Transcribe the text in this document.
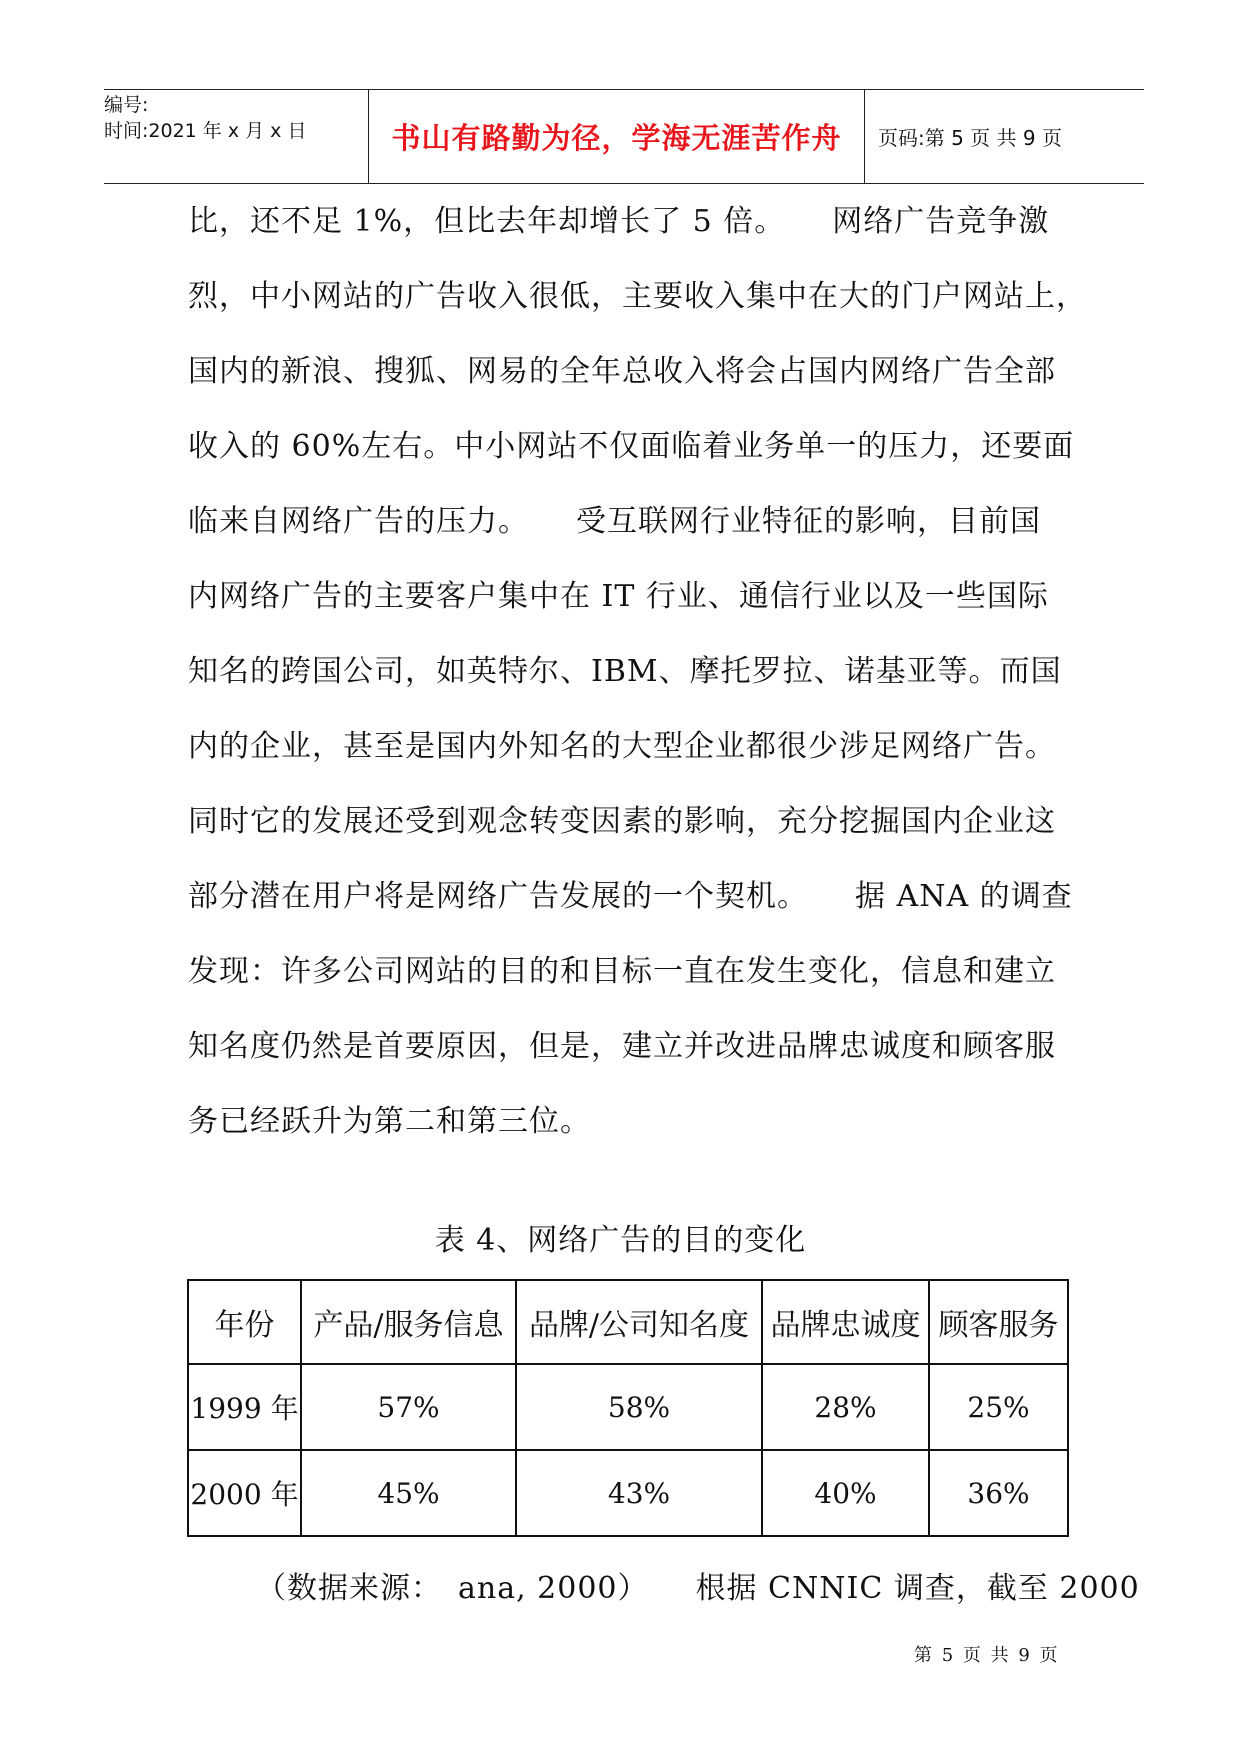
编号:
时间:2021 年 x 月 x 日	书山有路勤为径，学海无涯苦作舟 页码:第 5 页 共 9 页
比，还不足 1%，但比去年却增长了 5 倍。　　网络广告竞争激
烈，中小网站的广告收入很低，主要收入集中在大的门户网站上，
国内的新浪、搜狐、网易的全年总收入将会占国内网络广告全部
收入的 60%左右。中小网站不仅面临着业务单一的压力，还要面
临来自网络广告的压力。　　受互联网行业特征的影响，目前国
内网络广告的主要客户集中在 IT 行业、通信行业以及一些国际
知名的跨国公司，如英特尔、IBM、摩托罗拉、诺基亚等。而国
内的企业，甚至是国内外知名的大型企业都很少涉足网络广告。
同时它的发展还受到观念转变因素的影响，充分挖掘国内企业这
部分潜在用户将是网络广告发展的一个契机。　　据 ANA 的调查
发现：许多公司网站的目的和目标一直在发生变化，信息和建立
知名度仍然是首要原因，但是，建立并改进品牌忠诚度和顾客服
务已经跃升为第二和第三位。
表 4、网络广告的目的变化
年份	产品/服务信息	品牌/公司知名度	品牌忠诚度	顾客服务
1999 年	57%	58%	28%	25%
2000 年	45%	43%	40%	36%
（数据来源：　ana, 2000）　　根据 CNNIC 调查，截至 2000
第 5 页 共 9 页
